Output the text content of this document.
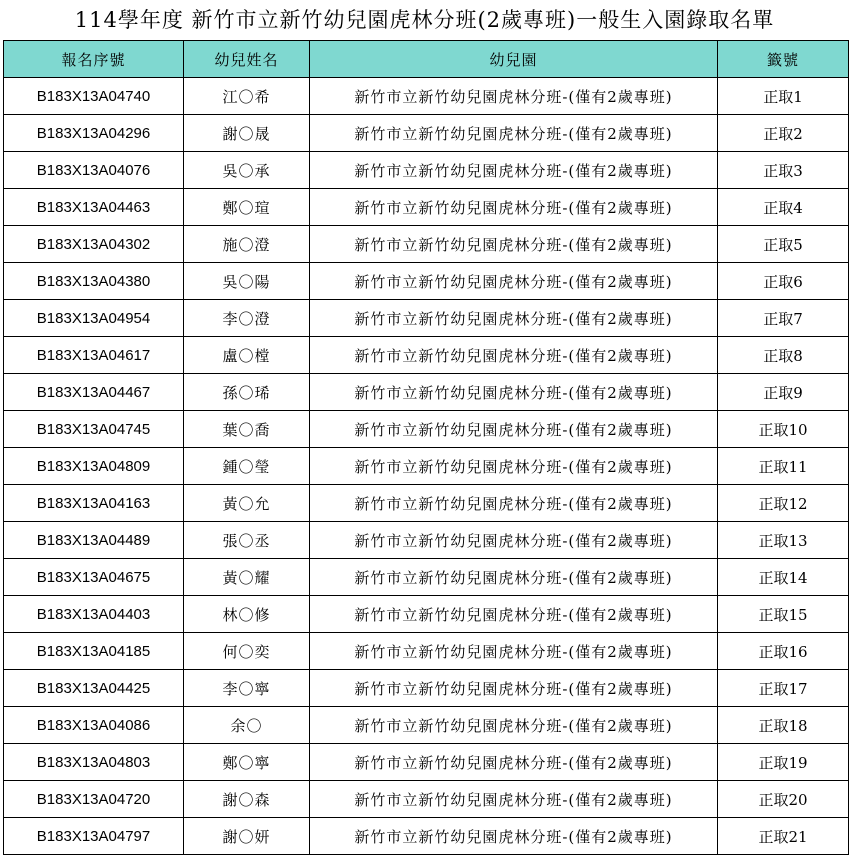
114學年度 新竹市立新竹幼兒園虎林分班(2歲專班)一般生入園錄取名單
報名序號	幼兒姓名	幼兒園	籤號
B183X13A04740	江〇希	新竹市立新竹幼兒園虎林分班-(僅有2歲專班)	正取1
B183X13A04296	謝〇晟	新竹市立新竹幼兒園虎林分班-(僅有2歲專班)	正取2
B183X13A04076	吳〇承	新竹市立新竹幼兒園虎林分班-(僅有2歲專班)	正取3
B183X13A04463	鄭〇瑄	新竹市立新竹幼兒園虎林分班-(僅有2歲專班)	正取4
B183X13A04302	施〇澄	新竹市立新竹幼兒園虎林分班-(僅有2歲專班)	正取5
B183X13A04380	吳〇陽	新竹市立新竹幼兒園虎林分班-(僅有2歲專班)	正取6
B183X13A04954	李〇澄	新竹市立新竹幼兒園虎林分班-(僅有2歲專班)	正取7
B183X13A04617	盧〇樘	新竹市立新竹幼兒園虎林分班-(僅有2歲專班)	正取8
B183X13A04467	孫〇琋	新竹市立新竹幼兒園虎林分班-(僅有2歲專班)	正取9
B183X13A04745	葉〇喬	新竹市立新竹幼兒園虎林分班-(僅有2歲專班)	正取10
B183X13A04809	鍾〇瑩	新竹市立新竹幼兒園虎林分班-(僅有2歲專班)	正取11
B183X13A04163	黃〇允	新竹市立新竹幼兒園虎林分班-(僅有2歲專班)	正取12
B183X13A04489	張〇丞	新竹市立新竹幼兒園虎林分班-(僅有2歲專班)	正取13
B183X13A04675	黃〇耀	新竹市立新竹幼兒園虎林分班-(僅有2歲專班)	正取14
B183X13A04403	林〇修	新竹市立新竹幼兒園虎林分班-(僅有2歲專班)	正取15
B183X13A04185	何〇奕	新竹市立新竹幼兒園虎林分班-(僅有2歲專班)	正取16
B183X13A04425	李〇寧	新竹市立新竹幼兒園虎林分班-(僅有2歲專班)	正取17
B183X13A04086	余〇	新竹市立新竹幼兒園虎林分班-(僅有2歲專班)	正取18
B183X13A04803	鄭〇寧	新竹市立新竹幼兒園虎林分班-(僅有2歲專班)	正取19
B183X13A04720	謝〇森	新竹市立新竹幼兒園虎林分班-(僅有2歲專班)	正取20
B183X13A04797	謝〇妍	新竹市立新竹幼兒園虎林分班-(僅有2歲專班)	正取21
